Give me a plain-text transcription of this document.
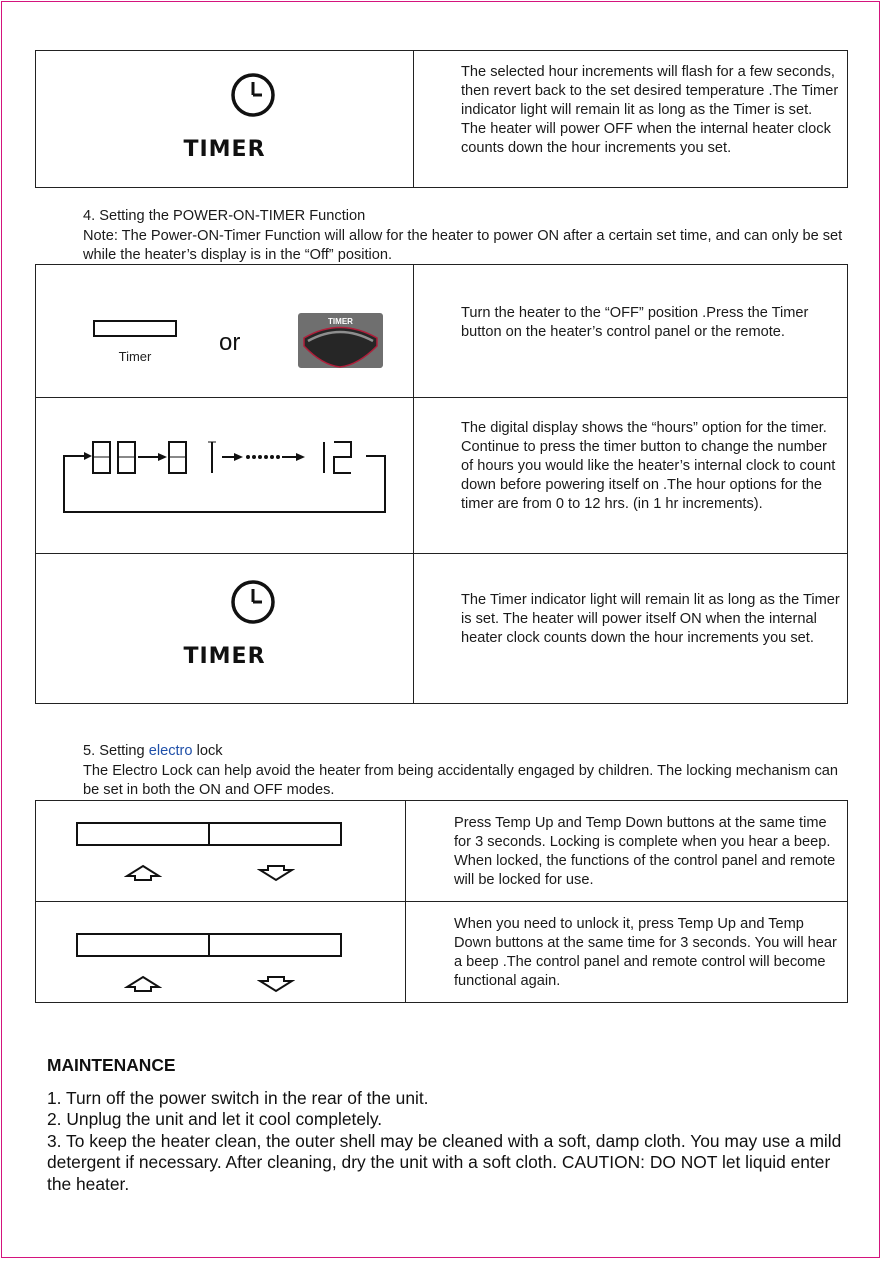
TIMER

The selected hour increments will flash for a few seconds, then revert back to the set desired temperature .The Timer indicator light will remain lit as long as the Timer is set. The heater will power OFF when the internal heater clock counts down the hour increments you set.

4. Setting the POWER-ON-TIMER Function
Note: The Power-ON-Timer Function will allow for the heater to power ON after a certain set time, and can only be set while the heater’s display is in the “Off” position.
Timer
or
TIMER	Turn the heater to the “OFF” position .Press the Timer button on the heater’s control panel or the remote.

The digital display shows the “hours” option for the timer. Continue to press the timer button to change the number of hours you would like the heater’s internal clock to count down before powering itself on .The hour options for the timer are from 0 to 12 hrs. (in 1 hr increments).

TIMER	The Timer indicator light will remain lit as long as the Timer is set. The heater will power itself ON when the internal heater clock counts down the hour increments you set.

5. Setting electro lock
The Electro Lock can help avoid the heater from being accidentally engaged by children. The locking mechanism can be set in both the ON and OFF modes.

Press Temp Up and Temp Down buttons at the same time for 3 seconds. Locking is complete when you hear a beep. When locked, the functions of the control panel and remote will be locked for use.

When you need to unlock it, press Temp Up and Temp Down buttons at the same time for 3 seconds. You will hear a beep .The control panel and remote control will become functional again.

MAINTENANCE

1. Turn off the power switch in the rear of the unit.

2. Unplug the unit and let it cool completely.

3. To keep the heater clean, the outer shell may be cleaned with a soft, damp cloth. You may use a mild detergent if necessary. After cleaning, dry the unit with a soft cloth. CAUTION: DO NOT let liquid enter the heater.
